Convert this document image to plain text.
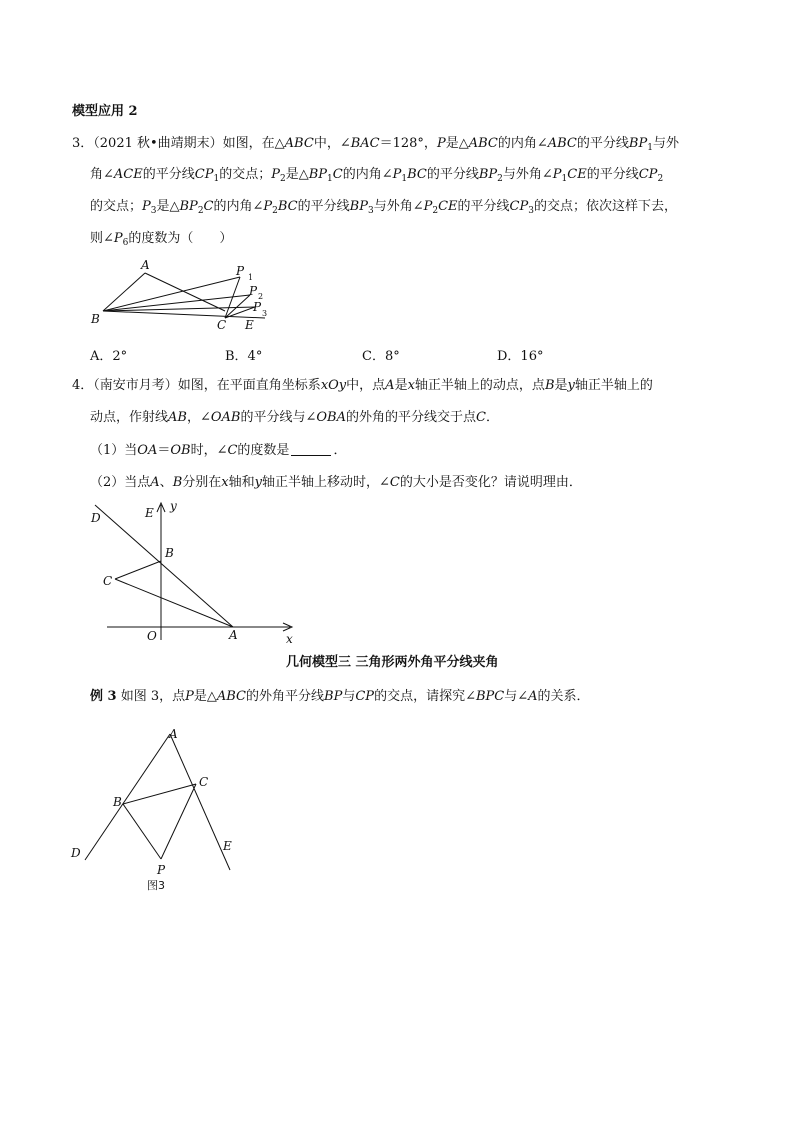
模型应用 2
3．（2021 秋•曲靖期末）如图，在△ABC中，∠BAC＝128°，P是△ABC的内角∠ABC的平分线$BP_1$与外
角∠ACE的平分线$CP_1$的交点；$P_2$是$\triangle BP_1C$的内角$\angle P_1BC$的平分线$BP_2$与外角$\angle P_1CE$的平分线$CP_2$
的交点；$P_3$是$\triangle BP_2C$的内角$\angle P_2BC$的平分线$BP_3$与外角$\angle P_2CE$的平分线$CP_3$的交点；依次这样下去，
则$\angle P_6$的度数为（　　）
A
B	C E
P 1
P 2
P 3
A．2°	B．4°	C．8°	D．16°
4．（南安市月考）如图，在平面直角坐标系xOy中，点A是x轴正半轴上的动点，点B是y轴正半轴上的
动点，作射线AB，∠OAB的平分线与∠OBA的外角的平分线交于点C．
（1）当OA＝OB时，∠C的度数是	．
（2）当点A、B分别在x轴和y轴正半轴上移动时，∠C的大小是否变化？请说明理由．
D	E y
B
C
O	A	x
几何模型三 三角形两外角平分线夹角
例 3 如图 3，点P是△ABC的外角平分线BP与CP的交点，请探究∠BPC与∠A的关系．
A
B
C
D	E
P
图3
